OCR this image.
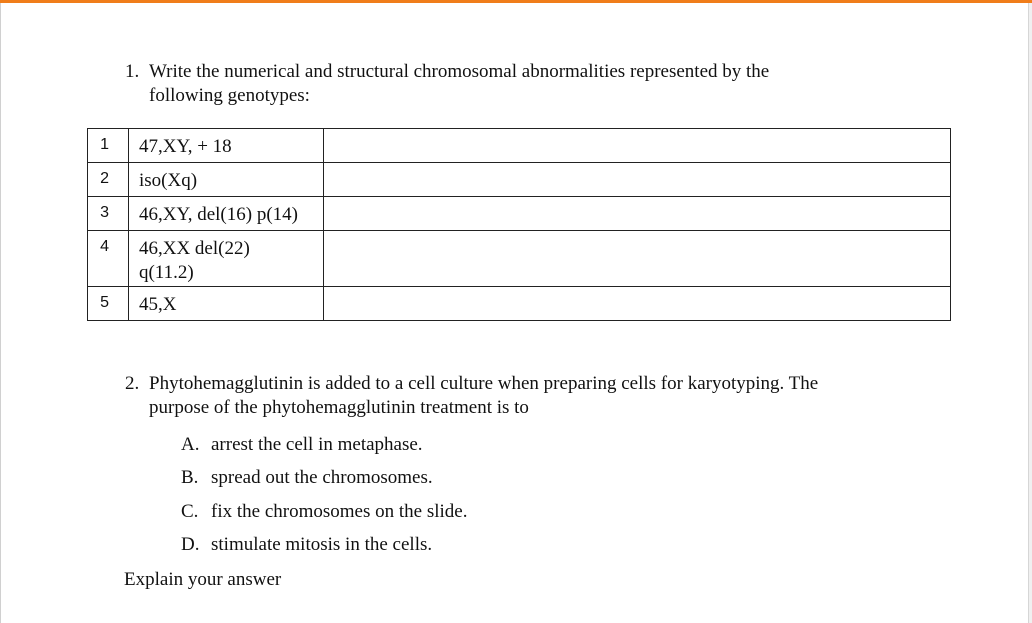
1. Write the numerical and structural chromosomal abnormalities represented by the
following genotypes:
1	47,XY, + 18	
2	iso(Xq)	
3	46,XY, del(16) p(14)	
4	46,XX del(22)
q(11.2)	
5	45,X	
2. Phytohemagglutinin is added to a cell culture when preparing cells for karyotyping. The
purpose of the phytohemagglutinin treatment is to
A. arrest the cell in metaphase.
B. spread out the chromosomes.
C. fix the chromosomes on the slide.
D. stimulate mitosis in the cells.
Explain your answer
